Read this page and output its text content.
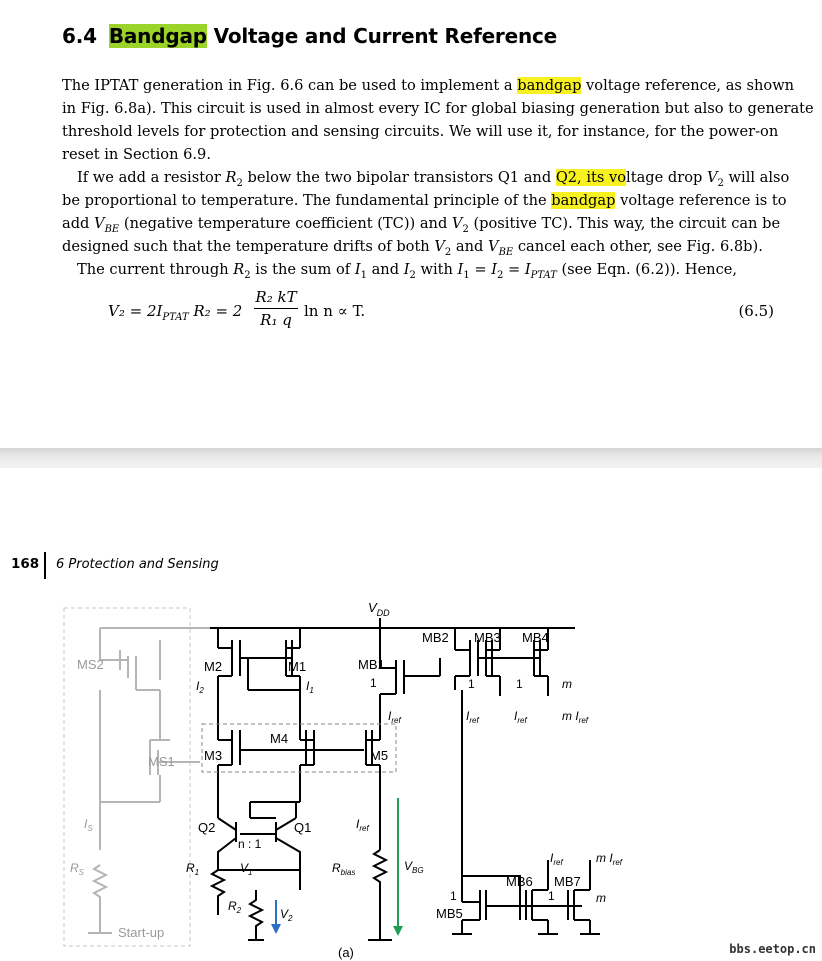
6.4 Bandgap Voltage and Current Reference

The IPTAT generation in Fig. 6.6 can be used to implement a bandgap voltage reference, as shown
in Fig. 6.8a). This circuit is used in almost every IC for global biasing generation but also to generate
threshold levels for protection and sensing circuits. We will use it, for instance, for the power-on
reset in Section 6.9.

If we add a resistor $R_2$ below the two bipolar transistors Q1 and Q2, its voltage drop $V_2$ will also
be proportional to temperature. The fundamental principle of the bandgap voltage reference is to
add $V_{BE}$ (negative temperature coefficient (TC)) and $V_2$ (positive TC). This way, the circuit can be
designed such that the temperature drifts of both $V_2$ and $V_{BE}$ cancel each other, see Fig. 6.8b).

The current through $R_2$ is the sum of $I_1$ and $I_2$ with $I_1 = I_2 = I_{PTAT}$ (see Eqn. (6.2)). Hence,

$V_2 = 2I_{PTAT}$ R₂ = 2
R₂ kT
R₁ q ln n ∝ T.	(6.5)
168 6 Protection and Sensing
MS2
MS1
Start-up
$I_S$
$R_S$
$V_{DD}$
M2	M1	MB1
1
MB2 MB3 MB4
1	1	m
M4
M3	M5
Q2	Q1
n : 1
1
MB5
MB6 MB7
1	m
$I_2$	$I_1$
$I_{ref}$	$I_{ref}$	$I_{ref}$	m $I_{ref}$
$I_{ref}$
$R_1$	$V_1$
$R_2$	$V_2$
$R_{bias}$	$V_{BG}$
$I_{ref}$	m $I_{ref}$
(a)	bbs.eetop.cn
